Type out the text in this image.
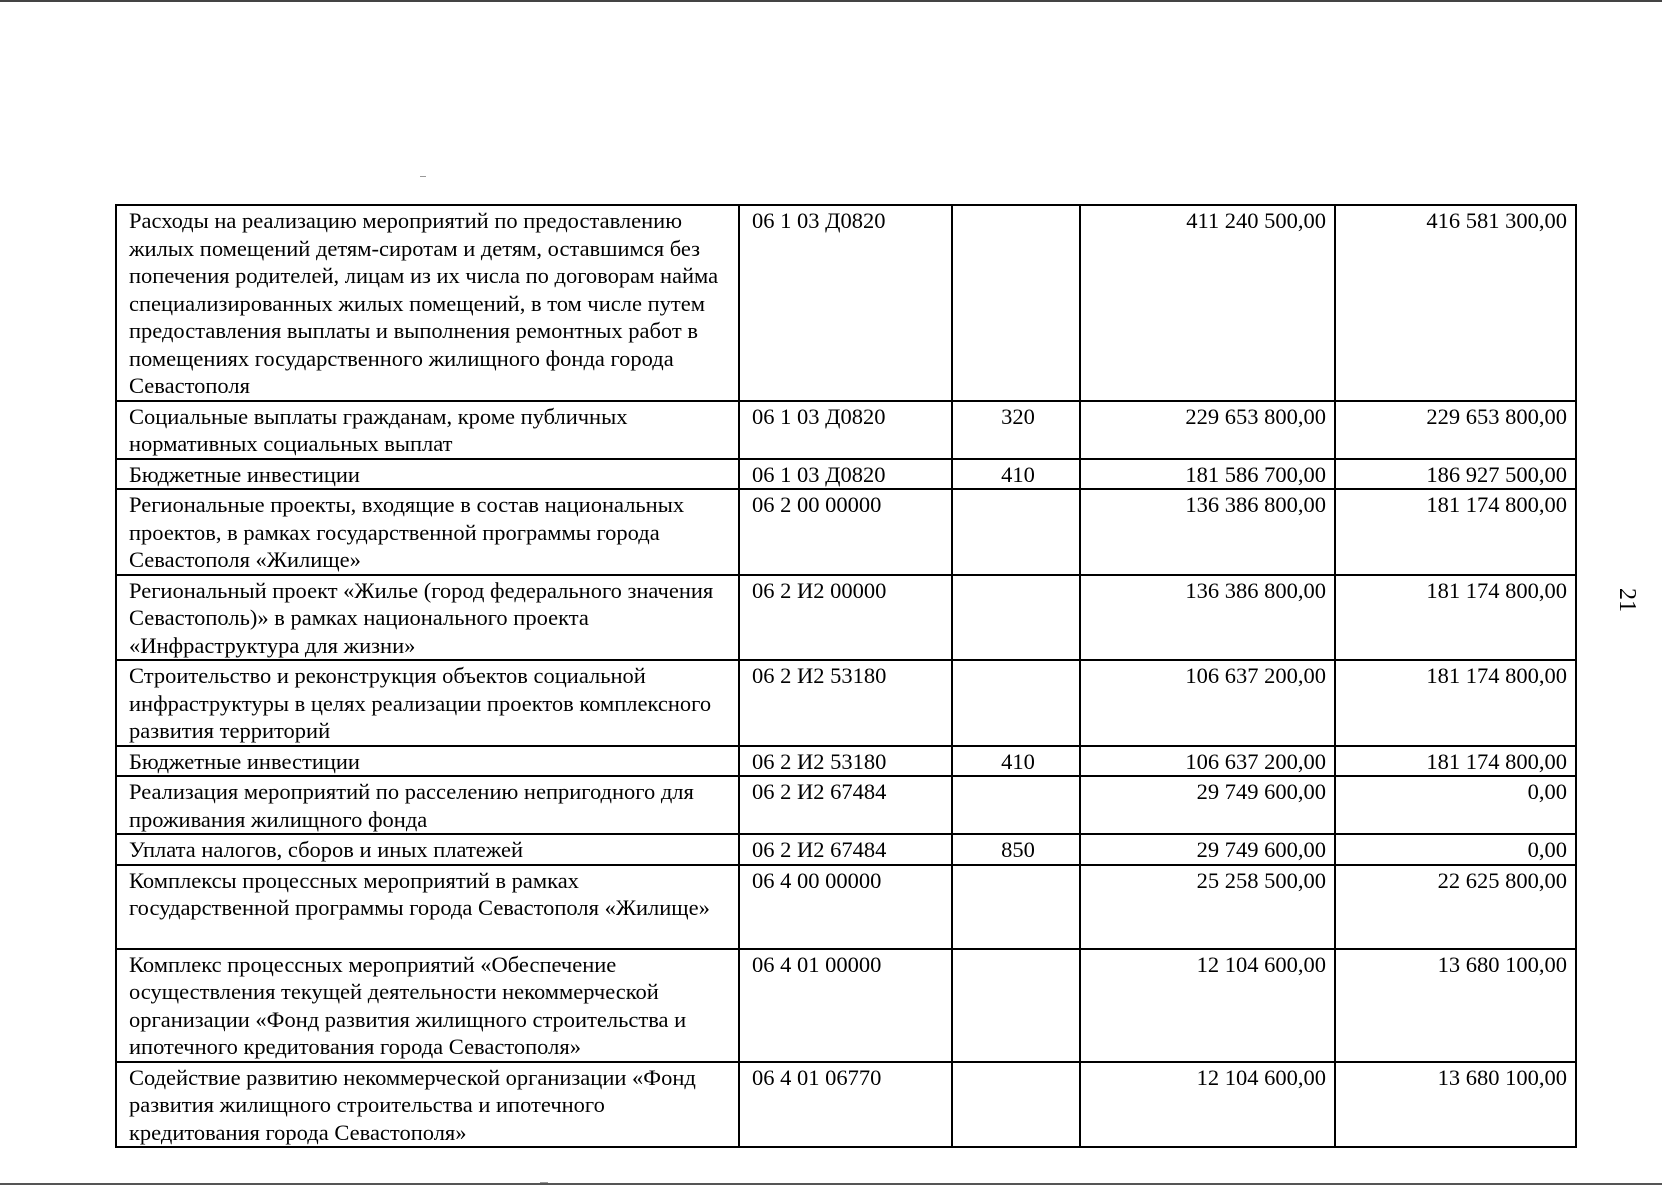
21
Расходы на реализацию мероприятий по предоставлению жилых помещений детям-сиротам и детям, оставшимся без попечения родителей, лицам из их числа по договорам найма специализированных жилых помещений, в том числе путем предоставления выплаты и выполнения ремонтных работ в помещениях государственного жилищного фонда города Севастополя	06 1 03 Д0820		411 240 500,00	416 581 300,00
Социальные выплаты гражданам, кроме публичных нормативных социальных выплат	06 1 03 Д0820	320	229 653 800,00	229 653 800,00
Бюджетные инвестиции	06 1 03 Д0820	410	181 586 700,00	186 927 500,00
Региональные проекты, входящие в состав национальных проектов, в рамках государственной программы города Севастополя «Жилище»	06 2 00 00000		136 386 800,00	181 174 800,00
Региональный проект «Жилье (город федерального значения Севастополь)» в рамках национального проекта «Инфраструктура для жизни»	06 2 И2 00000		136 386 800,00	181 174 800,00
Строительство и реконструкция объектов социальной инфраструктуры в целях реализации проектов комплексного развития территорий	06 2 И2 53180		106 637 200,00	181 174 800,00
Бюджетные инвестиции	06 2 И2 53180	410	106 637 200,00	181 174 800,00
Реализация мероприятий по расселению непригодного для проживания жилищного фонда	06 2 И2 67484		29 749 600,00	0,00
Уплата налогов, сборов и иных платежей	06 2 И2 67484	850	29 749 600,00	0,00
Комплексы процессных мероприятий в рамках государственной программы города Севастополя «Жилище»	06 4 00 00000		25 258 500,00	22 625 800,00
Комплекс процессных мероприятий «Обеспечение осуществления текущей деятельности некоммерческой организации «Фонд развития жилищного строительства и ипотечного кредитования города Севастополя»	06 4 01 00000		12 104 600,00	13 680 100,00
Содействие развитию некоммерческой организации «Фонд развития жилищного строительства и ипотечного кредитования города Севастополя»	06 4 01 06770		12 104 600,00	13 680 100,00
